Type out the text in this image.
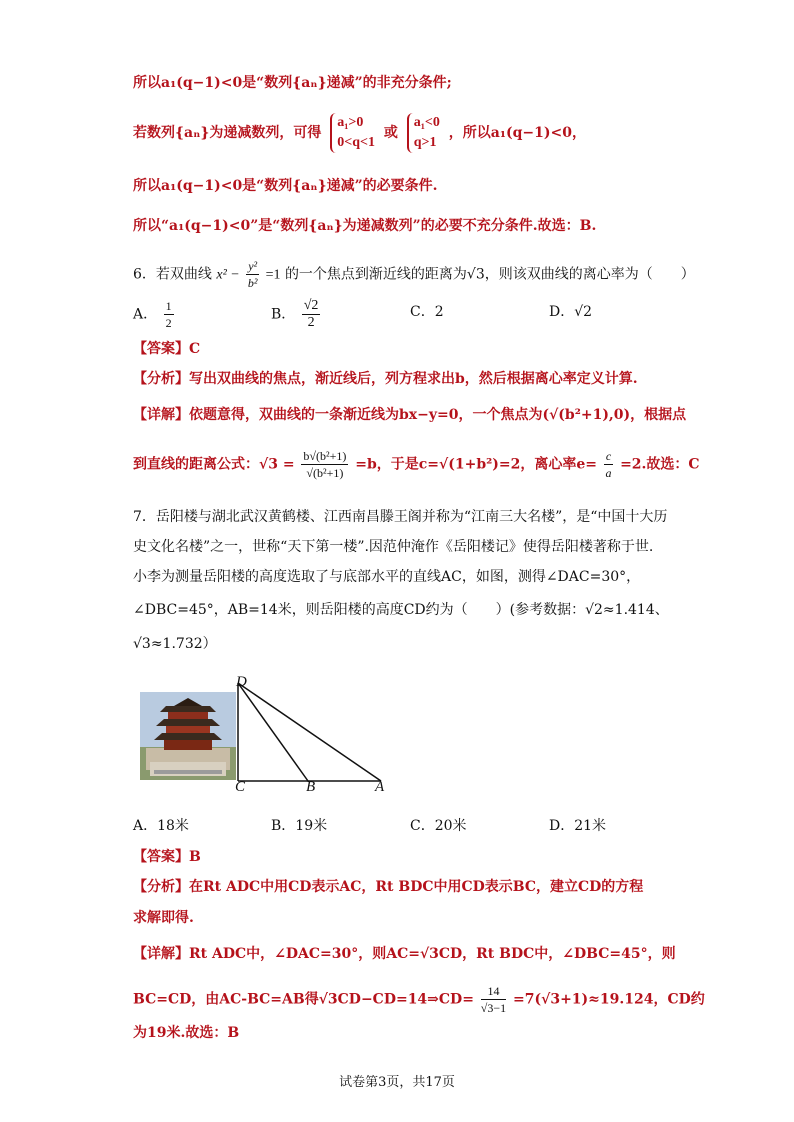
所以a₁(q−1)<0是“数列{aₙ}递减”的非充分条件;
若数列{aₙ}为递减数列，可得
a₁>0
0<q<1
或
a₁<0
q>1
，所以a₁(q−1)<0，
所以a₁(q−1)<0是“数列{aₙ}递减”的必要条件.
所以“a₁(q−1)<0”是“数列{aₙ}为递减数列”的必要不充分条件.故选：B.
6．若双曲线 $x^2 - \frac{\text{y²}}{\text{b²}} =1$ 的一个焦点到渐近线的距离为√3，则该双曲线的离心率为（　　）
A． $\frac{1}{2}$	B． $\frac{√2}{2}$	C．2	D．√2
【答案】C
【分析】写出双曲线的焦点，渐近线后，列方程求出b，然后根据离心率定义计算.
【详解】依题意得，双曲线的一条渐近线为bx−y=0，一个焦点为(√(b²+1),0)，根据点
到直线的距离公式：$√3 = \frac{\text{b√(b²+1)}}{\text{√(b²+1)}} =b$，于是c=√(1+b²)=2，离心率$e= \frac{c}{a} =2$.故选：C
7．岳阳楼与湖北武汉黄鹤楼、江西南昌滕王阁并称为“江南三大名楼”，是“中国十大历
史文化名楼”之一，世称“天下第一楼”.因范仲淹作《岳阳楼记》使得岳阳楼著称于世.
小李为测量岳阳楼的高度选取了与底部水平的直线AC，如图，测得∠DAC=30°，
∠DBC=45°，AB=14米，则岳阳楼的高度CD约为（　　）(参考数据：√2≈1.414、
√3≈1.732）
D
C	B	A
A．18米	B．19米	C．20米	D．21米
【答案】B
【分析】在Rt ADC中用CD表示AC，Rt BDC中用CD表示BC，建立CD的方程
求解即得.
【详解】Rt ADC中，∠DAC=30°，则AC=√3CD，Rt BDC中，∠DBC=45°，则
BC=CD，由AC-BC=AB得√3CD−CD=14⇒CD= $\frac{14}{√3-1} =7(√3+1)\approx 19.124$，CD约
为19米.故选：B
试卷第3页，共17页
